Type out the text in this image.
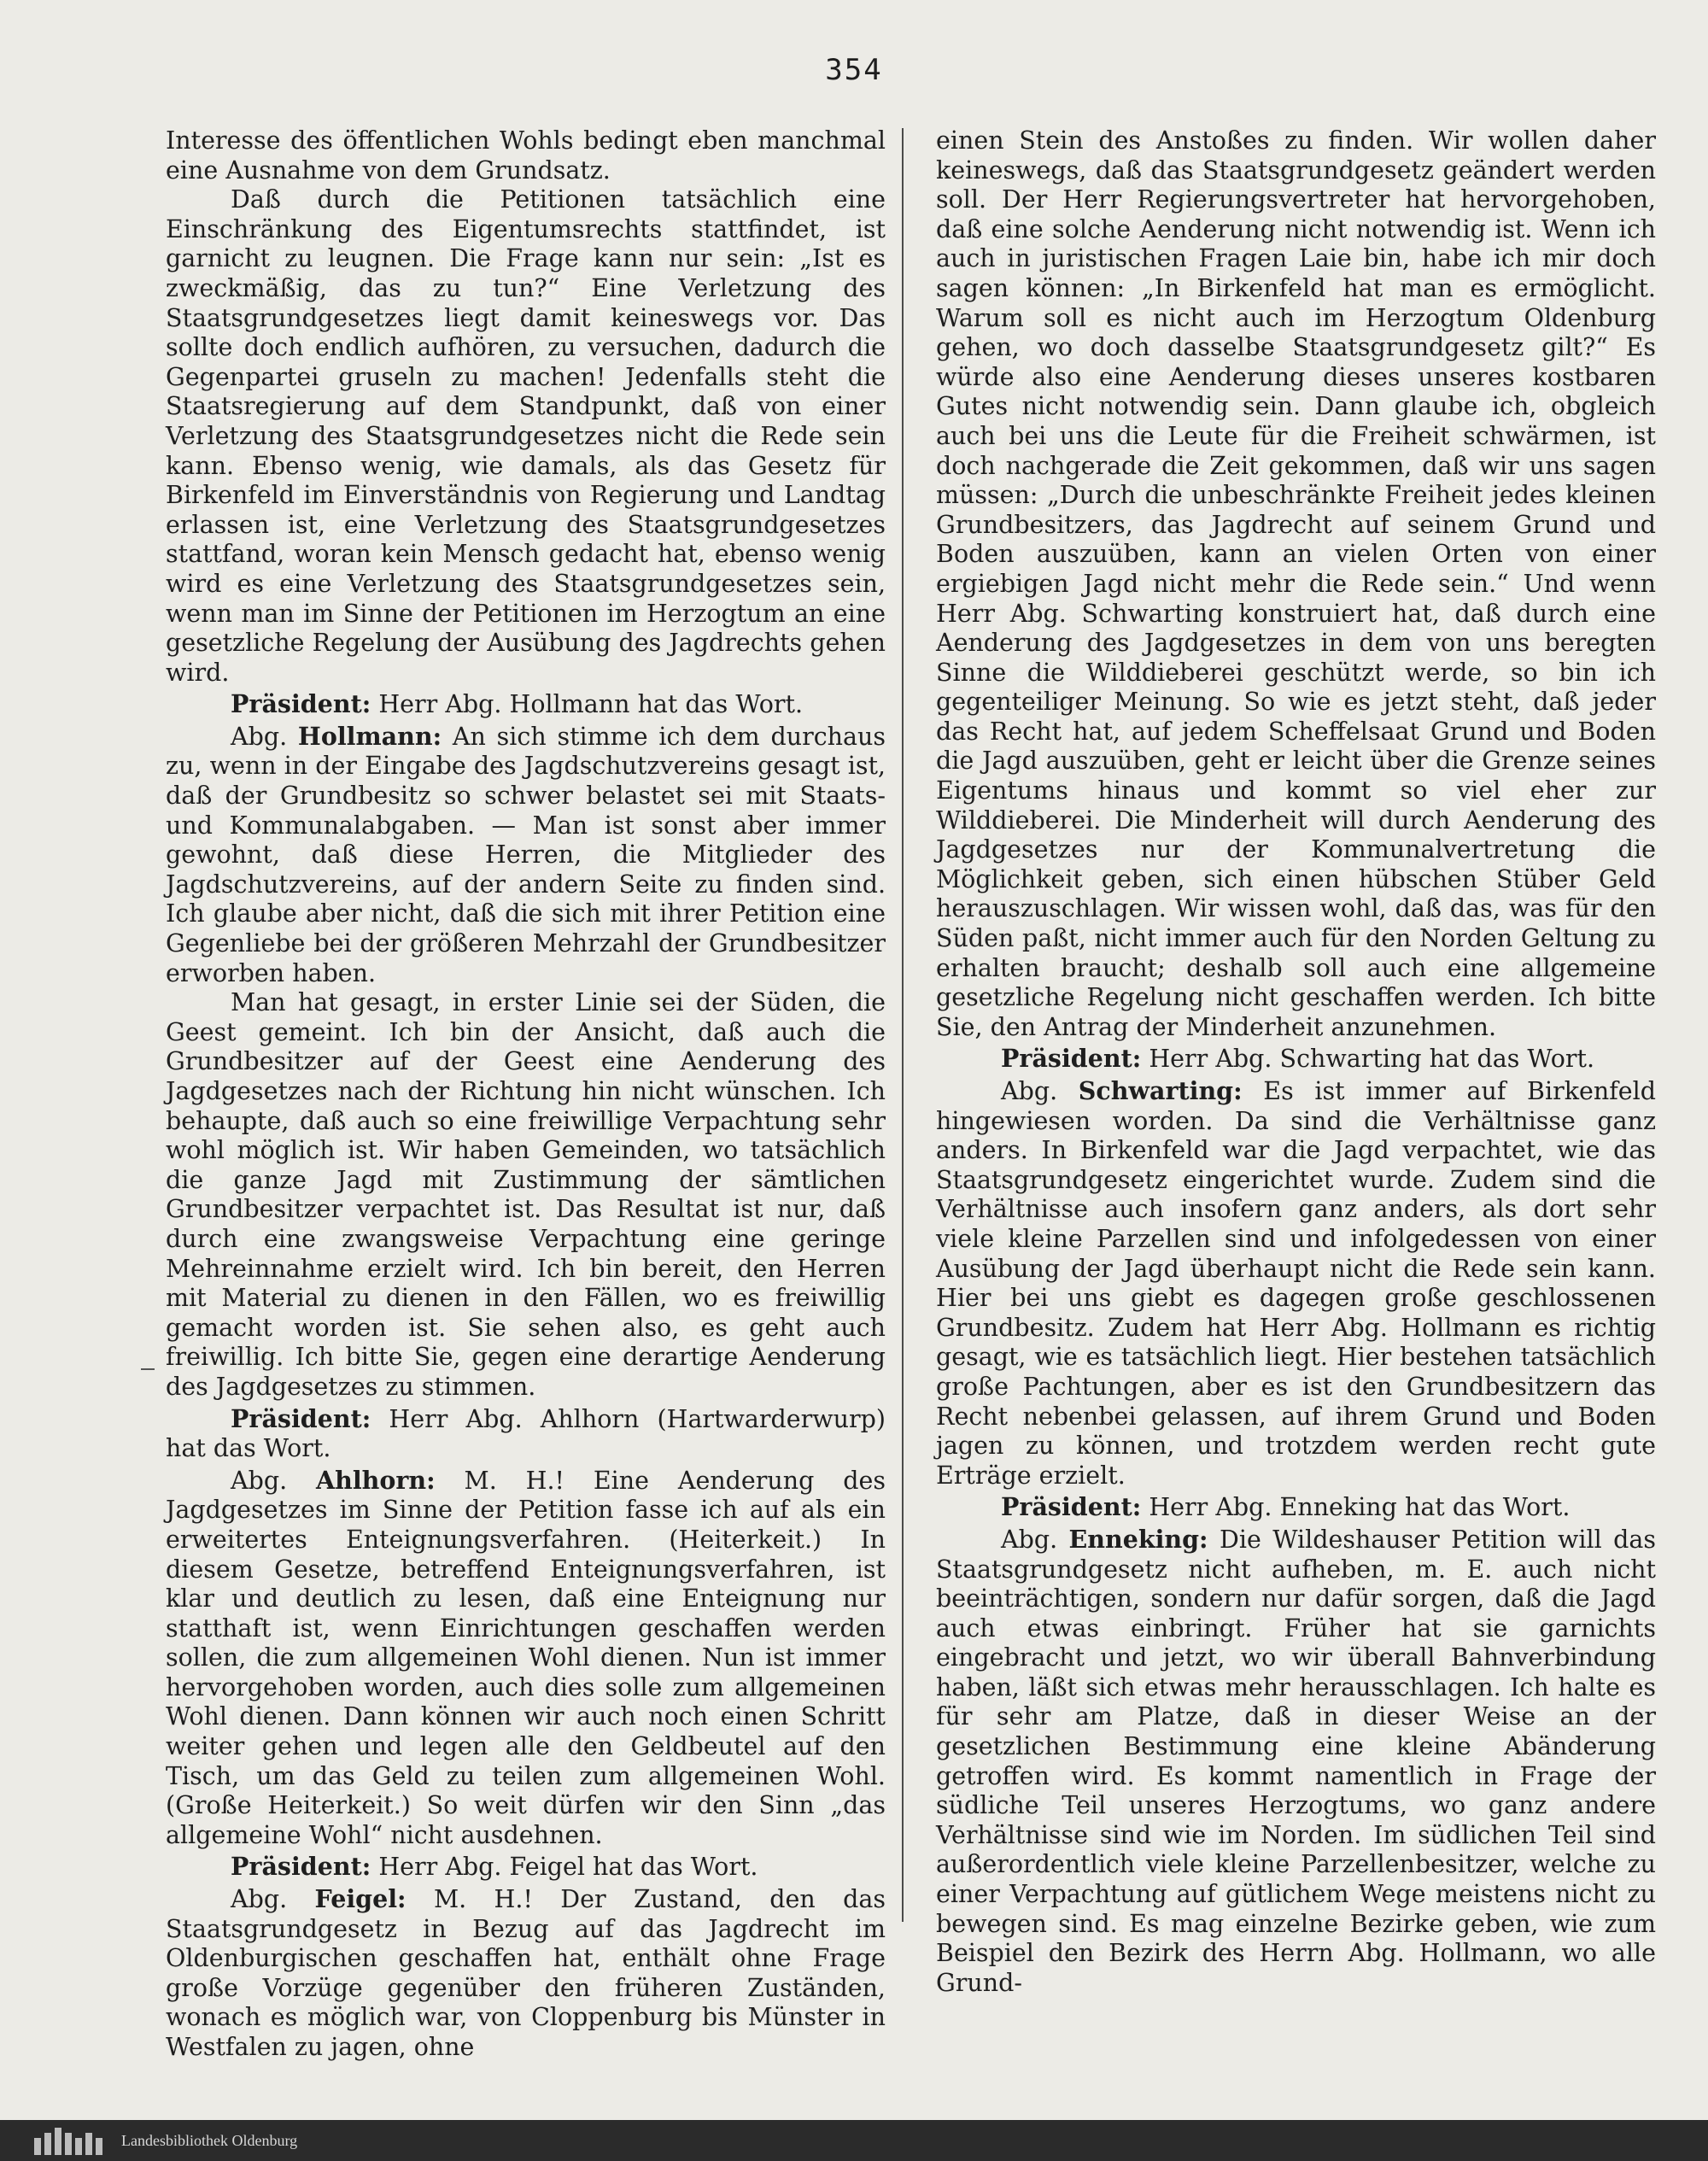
354

Interesse des öffentlichen Wohls bedingt eben manchmal eine Ausnahme von dem Grundsatz.

Daß durch die Petitionen tatsächlich eine Einschränkung des Eigentumsrechts stattfindet, ist garnicht zu leugnen. Die Frage kann nur sein: „Ist es zweckmäßig, das zu tun?“ Eine Verletzung des Staatsgrundgesetzes liegt damit keineswegs vor. Das sollte doch endlich aufhören, zu versuchen, dadurch die Gegenpartei gruseln zu machen! Jedenfalls steht die Staatsregierung auf dem Standpunkt, daß von einer Verletzung des Staatsgrundgesetzes nicht die Rede sein kann. Ebenso wenig, wie damals, als das Gesetz für Birkenfeld im Einverständnis von Regierung und Landtag erlassen ist, eine Verletzung des Staatsgrundgesetzes stattfand, woran kein Mensch gedacht hat, ebenso wenig wird es eine Verletzung des Staatsgrundgesetzes sein, wenn man im Sinne der Petitionen im Herzogtum an eine gesetzliche Regelung der Ausübung des Jagdrechts gehen wird.

Präsident: Herr Abg. Hollmann hat das Wort.

Abg. Hollmann: An sich stimme ich dem durchaus zu, wenn in der Eingabe des Jagdschutzvereins gesagt ist, daß der Grundbesitz so schwer belastet sei mit Staats- und Kommunalabgaben. — Man ist sonst aber immer gewohnt, daß diese Herren, die Mitglieder des Jagdschutzvereins, auf der andern Seite zu finden sind. Ich glaube aber nicht, daß die sich mit ihrer Petition eine Gegenliebe bei der größeren Mehrzahl der Grundbesitzer erworben haben.

Man hat gesagt, in erster Linie sei der Süden, die Geest gemeint. Ich bin der Ansicht, daß auch die Grundbesitzer auf der Geest eine Aenderung des Jagdgesetzes nach der Richtung hin nicht wünschen. Ich behaupte, daß auch so eine freiwillige Verpachtung sehr wohl möglich ist. Wir haben Gemeinden, wo tatsächlich die ganze Jagd mit Zustimmung der sämtlichen Grundbesitzer verpachtet ist. Das Resultat ist nur, daß durch eine zwangsweise Verpachtung eine geringe Mehreinnahme erzielt wird. Ich bin bereit, den Herren mit Material zu dienen in den Fällen, wo es freiwillig gemacht worden ist. Sie sehen also, es geht auch freiwillig. Ich bitte Sie, gegen eine derartige Aenderung des Jagdgesetzes zu stimmen.

Präsident: Herr Abg. Ahlhorn (Hartwarderwurp) hat das Wort.

Abg. Ahlhorn: M. H.! Eine Aenderung des Jagdgesetzes im Sinne der Petition fasse ich auf als ein erweitertes Enteignungsverfahren. (Heiterkeit.) In diesem Gesetze, betreffend Enteignungsverfahren, ist klar und deutlich zu lesen, daß eine Enteignung nur statthaft ist, wenn Einrichtungen geschaffen werden sollen, die zum allgemeinen Wohl dienen. Nun ist immer hervorgehoben worden, auch dies solle zum allgemeinen Wohl dienen. Dann können wir auch noch einen Schritt weiter gehen und legen alle den Geldbeutel auf den Tisch, um das Geld zu teilen zum allgemeinen Wohl. (Große Heiterkeit.) So weit dürfen wir den Sinn „das allgemeine Wohl“ nicht ausdehnen.

Präsident: Herr Abg. Feigel hat das Wort.

Abg. Feigel: M. H.! Der Zustand, den das Staatsgrundgesetz in Bezug auf das Jagdrecht im Oldenburgischen geschaffen hat, enthält ohne Frage große Vorzüge gegenüber den früheren Zuständen, wonach es möglich war, von Cloppenburg bis Münster in Westfalen zu jagen, ohne

einen Stein des Anstoßes zu finden. Wir wollen daher keineswegs, daß das Staatsgrundgesetz geändert werden soll. Der Herr Regierungsvertreter hat hervorgehoben, daß eine solche Aenderung nicht notwendig ist. Wenn ich auch in juristischen Fragen Laie bin, habe ich mir doch sagen können: „In Birkenfeld hat man es ermöglicht. Warum soll es nicht auch im Herzogtum Oldenburg gehen, wo doch dasselbe Staatsgrundgesetz gilt?“ Es würde also eine Aenderung dieses unseres kostbaren Gutes nicht notwendig sein. Dann glaube ich, obgleich auch bei uns die Leute für die Freiheit schwärmen, ist doch nachgerade die Zeit gekommen, daß wir uns sagen müssen: „Durch die unbeschränkte Freiheit jedes kleinen Grundbesitzers, das Jagdrecht auf seinem Grund und Boden auszuüben, kann an vielen Orten von einer ergiebigen Jagd nicht mehr die Rede sein.“ Und wenn Herr Abg. Schwarting konstruiert hat, daß durch eine Aenderung des Jagdgesetzes in dem von uns beregten Sinne die Wilddieberei geschützt werde, so bin ich gegenteiliger Meinung. So wie es jetzt steht, daß jeder das Recht hat, auf jedem Scheffelsaat Grund und Boden die Jagd auszuüben, geht er leicht über die Grenze seines Eigentums hinaus und kommt so viel eher zur Wilddieberei. Die Minderheit will durch Aenderung des Jagdgesetzes nur der Kommunalvertretung die Möglichkeit geben, sich einen hübschen Stüber Geld herauszuschlagen. Wir wissen wohl, daß das, was für den Süden paßt, nicht immer auch für den Norden Geltung zu erhalten braucht; deshalb soll auch eine allgemeine gesetzliche Regelung nicht geschaffen werden. Ich bitte Sie, den Antrag der Minderheit anzunehmen.

Präsident: Herr Abg. Schwarting hat das Wort.

Abg. Schwarting: Es ist immer auf Birkenfeld hingewiesen worden. Da sind die Verhältnisse ganz anders. In Birkenfeld war die Jagd verpachtet, wie das Staatsgrundgesetz eingerichtet wurde. Zudem sind die Verhältnisse auch insofern ganz anders, als dort sehr viele kleine Parzellen sind und infolgedessen von einer Ausübung der Jagd überhaupt nicht die Rede sein kann. Hier bei uns giebt es dagegen große geschlossenen Grundbesitz. Zudem hat Herr Abg. Hollmann es richtig gesagt, wie es tatsächlich liegt. Hier bestehen tatsächlich große Pachtungen, aber es ist den Grundbesitzern das Recht nebenbei gelassen, auf ihrem Grund und Boden jagen zu können, und trotzdem werden recht gute Erträge erzielt.

Präsident: Herr Abg. Enneking hat das Wort.

Abg. Enneking: Die Wildeshauser Petition will das Staatsgrundgesetz nicht aufheben, m. E. auch nicht beeinträchtigen, sondern nur dafür sorgen, daß die Jagd auch etwas einbringt. Früher hat sie garnichts eingebracht und jetzt, wo wir überall Bahnverbindung haben, läßt sich etwas mehr herausschlagen. Ich halte es für sehr am Platze, daß in dieser Weise an der gesetzlichen Bestimmung eine kleine Abänderung getroffen wird. Es kommt namentlich in Frage der südliche Teil unseres Herzogtums, wo ganz andere Verhältnisse sind wie im Norden. Im südlichen Teil sind außerordentlich viele kleine Parzellenbesitzer, welche zu einer Verpachtung auf gütlichem Wege meistens nicht zu bewegen sind. Es mag einzelne Bezirke geben, wie zum Beispiel den Bezirk des Herrn Abg. Hollmann, wo alle Grund-

Landesbibliothek Oldenburg
